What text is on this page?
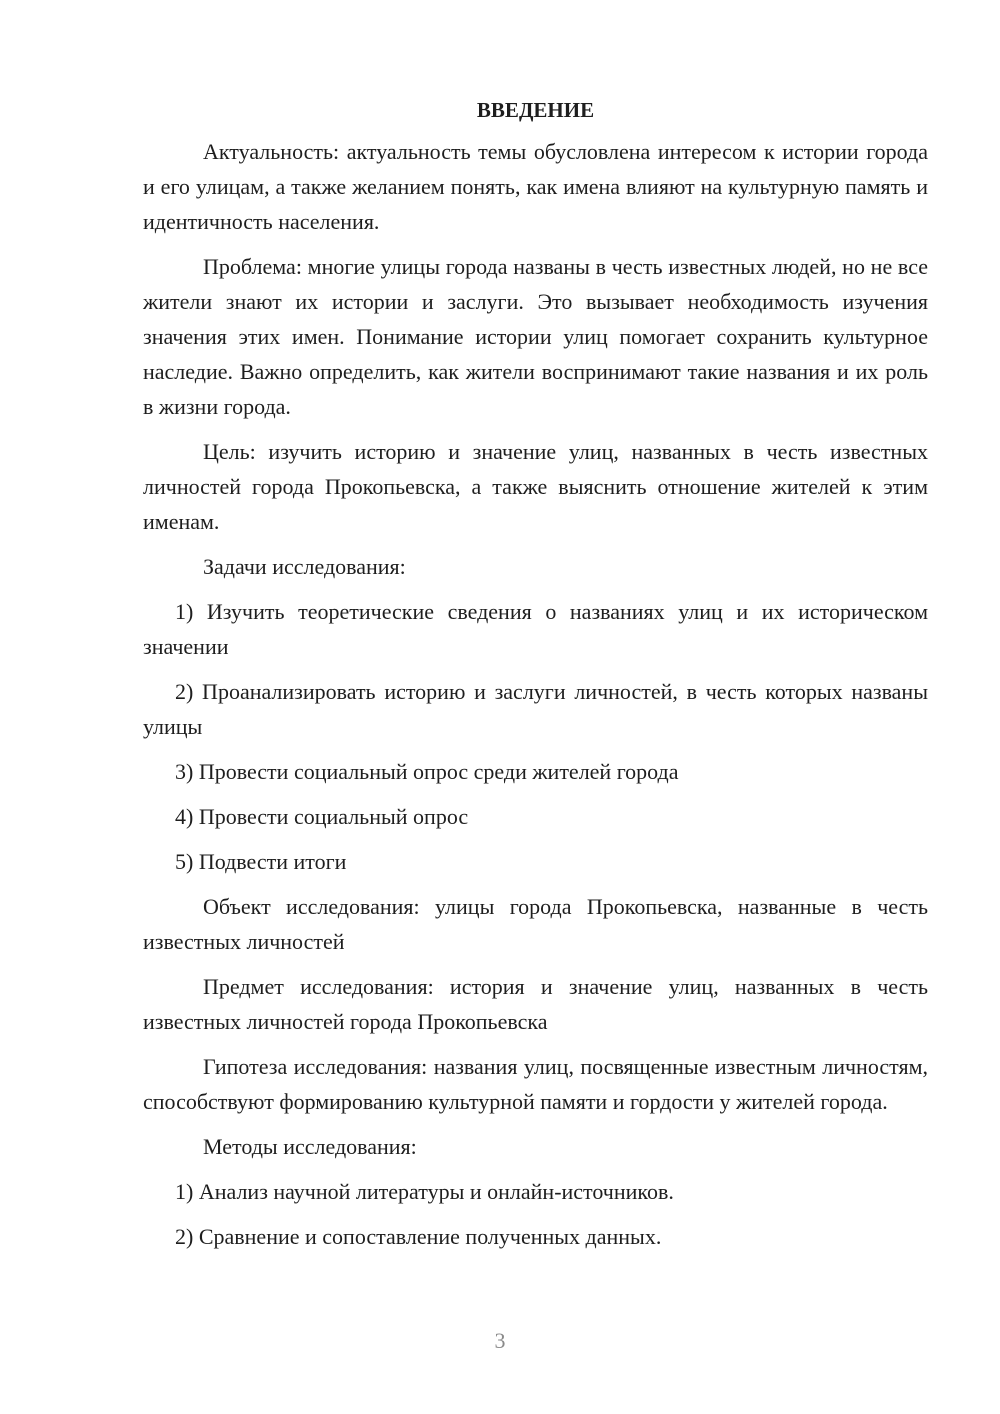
ВВЕДЕНИЕ

Актуальность: актуальность темы обусловлена интересом к истории города и его улицам, а также желанием понять, как имена влияют на культурную память и идентичность населения.

Проблема: многие улицы города названы в честь известных людей, но не все жители знают их истории и заслуги. Это вызывает необходимость изучения значения этих имен. Понимание истории улиц помогает сохранить культурное наследие. Важно определить, как жители воспринимают такие названия и их роль в жизни города.

Цель: изучить историю и значение улиц, названных в честь известных личностей города Прокопьевска, а также выяснить отношение жителей к этим именам.

Задачи исследования:

1) Изучить теоретические сведения о названиях улиц и их историческом значении

2) Проанализировать историю и заслуги личностей, в честь которых названы улицы

3) Провести социальный опрос среди жителей города

4) Провести социальный опрос

5) Подвести итоги

Объект исследования: улицы города Прокопьевска, названные в честь известных личностей

Предмет исследования: история и значение улиц, названных в честь известных личностей города Прокопьевска

Гипотеза исследования: названия улиц, посвященные известным личностям, способствуют формированию культурной памяти и гордости у жителей города.

Методы исследования:

1) Анализ научной литературы и онлайн-источников.

2) Сравнение и сопоставление полученных данных.

3
